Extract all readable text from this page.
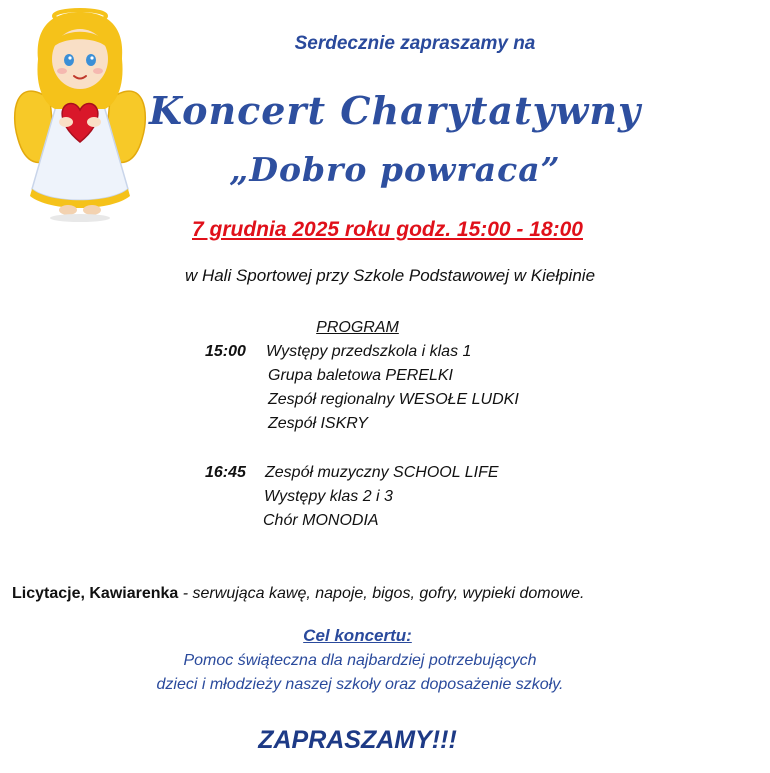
Serdecznie zapraszamy na
Koncert Charytatywny
„Dobro powraca”
7 grudnia 2025 roku godz. 15:00 - 18:00
w Hali Sportowej przy Szkole Podstawowej w Kiełpinie
PROGRAM
15:00 Występy przedszkola i klas 1
Grupa baletowa PERELKI
Zespół regionalny WESOŁE LUDKI
Zespół ISKRY
16:45 Zespół muzyczny SCHOOL LIFE
Występy klas 2 i 3
Chór MONODIA
Licytacje, Kawiarenka - serwująca kawę, napoje, bigos, gofry, wypieki domowe.
Cel koncertu:
Pomoc świąteczna dla najbardziej potrzebujących
dzieci i młodzieży naszej szkoły oraz doposażenie szkoły.
ZAPRASZAMY!!!
